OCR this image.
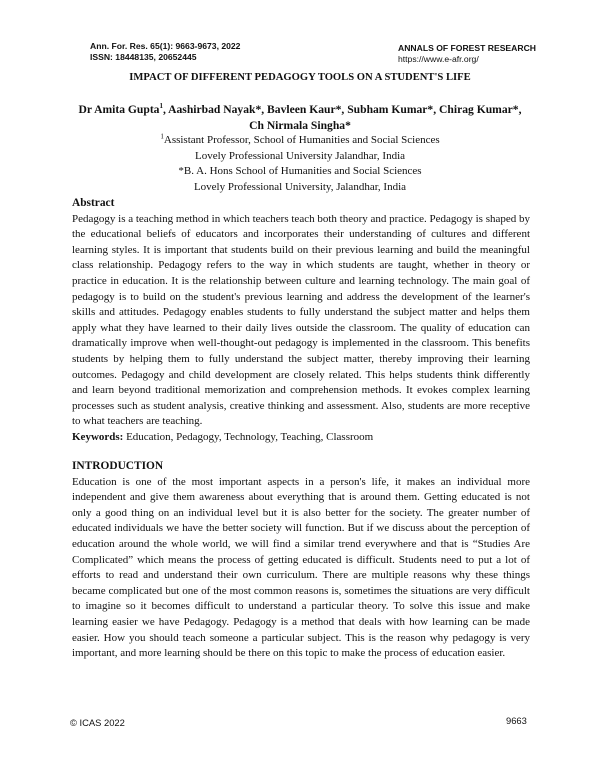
Ann. For. Res. 65(1): 9663-9673, 2022
ISSN: 18448135, 20652445
ANNALS OF FOREST RESEARCH
https://www.e-afr.org/
IMPACT OF DIFFERENT PEDAGOGY TOOLS ON A STUDENT'S LIFE
Dr Amita Gupta$^1$, Aashirbad Nayak*, Bavleen Kaur*, Subham Kumar*, Chirag Kumar*,
Ch Nirmala Singha*
$^1$Assistant Professor, School of Humanities and Social Sciences
Lovely Professional University Jalandhar, India
*B. A. Hons School of Humanities and Social Sciences
Lovely Professional University, Jalandhar, India
Abstract

Pedagogy is a teaching method in which teachers teach both theory and practice. Pedagogy is shaped by the educational beliefs of educators and incorporates their understanding of cultures and different learning styles. It is important that students build on their previous learning and build the meaningful class relationship. Pedagogy refers to the way in which students are taught, whether in theory or practice in education. It is the relationship between culture and learning technology. The main goal of pedagogy is to build on the student's previous learning and address the development of the learner's skills and attitudes. Pedagogy enables students to fully understand the subject matter and helps them apply what they have learned to their daily lives outside the classroom. The quality of education can dramatically improve when well-thought-out pedagogy is implemented in the classroom. This benefits students by helping them to fully understand the subject matter, thereby improving their learning outcomes. Pedagogy and child development are closely related. This helps students think differently and learn beyond traditional memorization and comprehension methods. It evokes complex learning processes such as student analysis, creative thinking and assessment. Also, students are more receptive to what teachers are teaching.

Keywords: Education, Pedagogy, Technology, Teaching, Classroom
INTRODUCTION

Education is one of the most important aspects in a person's life, it makes an individual more independent and give them awareness about everything that is around them. Getting educated is not only a good thing on an individual level but it is also better for the society. The greater number of educated individuals we have the better society will function. But if we discuss about the perception of education around the whole world, we will find a similar trend everywhere and that is “Studies Are Complicated” which means the process of getting educated is difficult. Students need to put a lot of efforts to read and understand their own curriculum. There are multiple reasons why these things became complicated but one of the most common reasons is, sometimes the situations are very difficult to imagine so it becomes difficult to understand a particular theory. To solve this issue and make learning easier we have Pedagogy. Pedagogy is a method that deals with how learning can be made easier. How you should teach someone a particular subject. This is the reason why pedagogy is very important, and more learning should be there on this topic to make the process of education easier.

© ICAS 2022	9663
